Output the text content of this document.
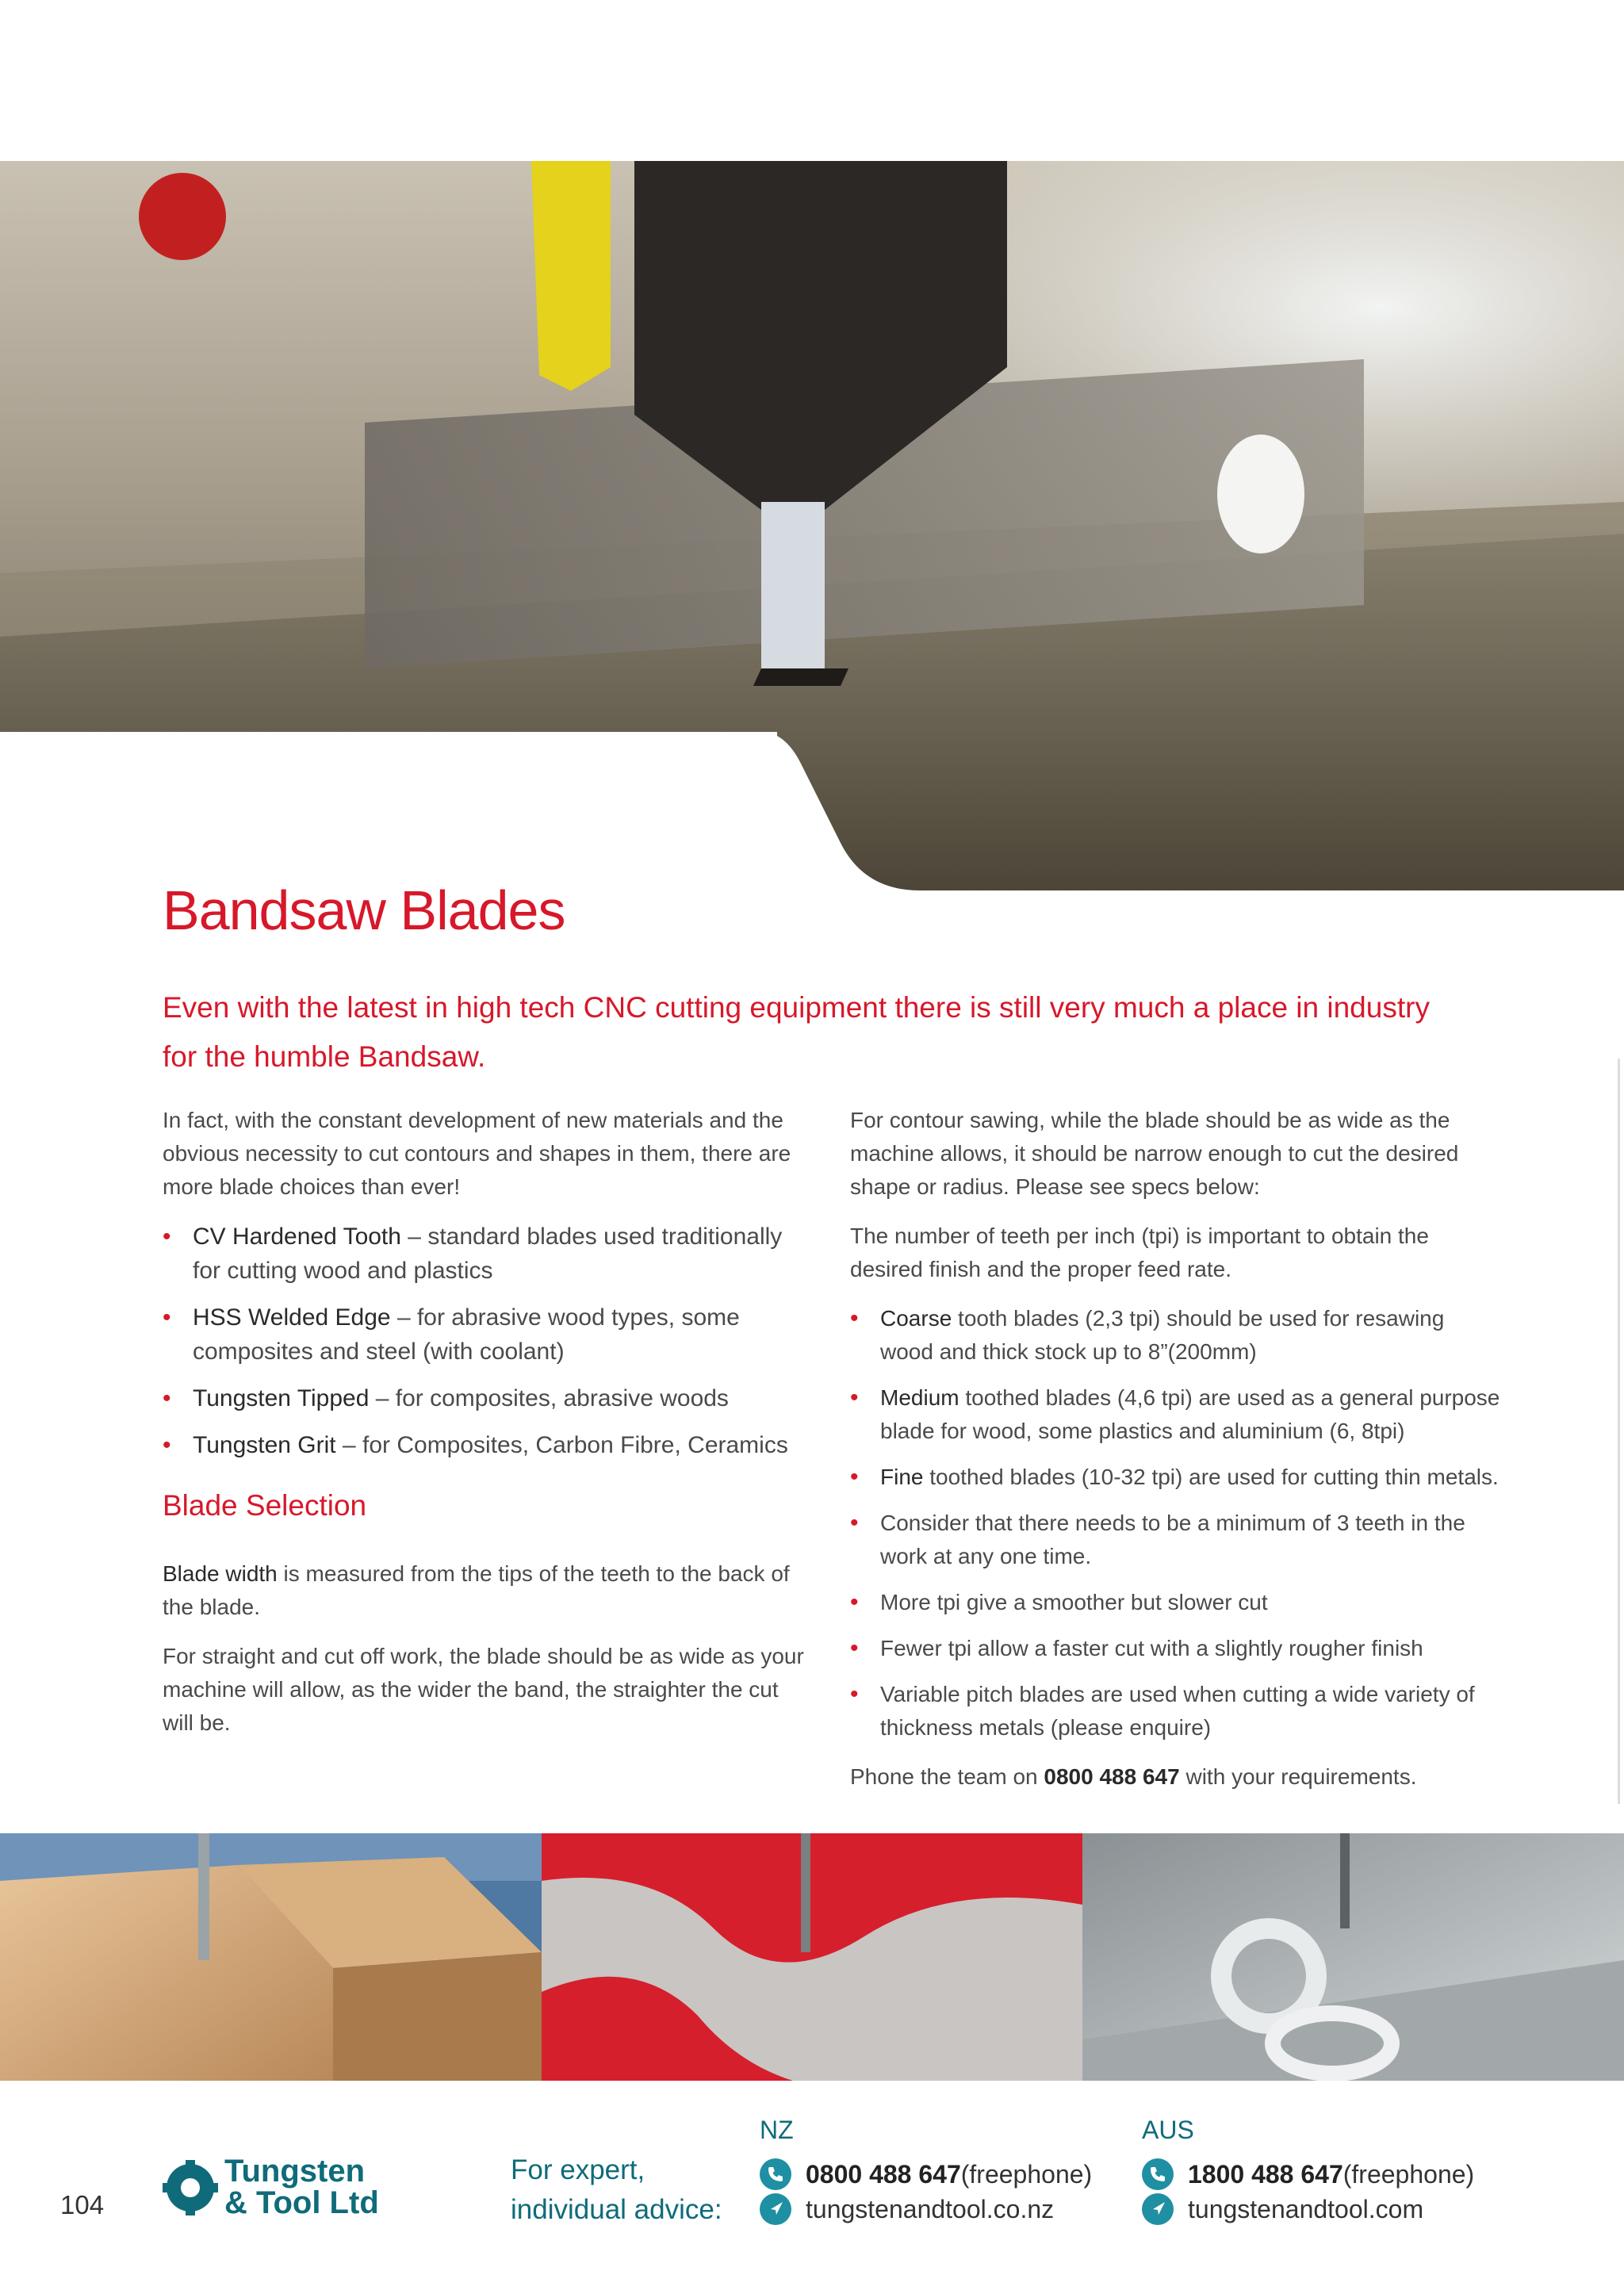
Bandsaw Blades

Even with the latest in high tech CNC cutting equipment there is still very much a place in industry for the humble Bandsaw.

In fact, with the constant development of new materials and the obvious necessity to cut contours and shapes in them, there are more blade choices than ever!

• CV Hardened Tooth – standard blades used traditionally for cutting wood and plastics
• HSS Welded Edge – for abrasive wood types, some composites and steel (with coolant)
• Tungsten Tipped – for composites, abrasive woods
• Tungsten Grit – for Composites, Carbon Fibre, Ceramics
Blade Selection

Blade width is measured from the tips of the teeth to the back of the blade.

For straight and cut off work, the blade should be as wide as your machine will allow, as the wider the band, the straighter the cut will be.

For contour sawing, while the blade should be as wide as the machine allows, it should be narrow enough to cut the desired shape or radius. Please see specs below:

The number of teeth per inch (tpi) is important to obtain the desired finish and the proper feed rate.

• Coarse tooth blades (2,3 tpi) should be used for resawing wood and thick stock up to 8”(200mm)
• Medium toothed blades (4,6 tpi) are used as a general purpose blade for wood, some plastics and aluminium (6, 8tpi)
• Fine toothed blades (10-32 tpi) are used for cutting thin metals.
• Consider that there needs to be a minimum of 3 teeth in the work at any one time.
• More tpi give a smoother but slower cut
• Fewer tpi allow a faster cut with a slightly rougher finish
• Variable pitch blades are used when cutting a wide variety of thickness metals (please enquire)

Phone the team on 0800 488 647 with your requirements.

104
Tungsten
& Tool Ltd
For expert,
individual advice:
NZ
0800 488 647 (freephone)
tungstenandtool.co.nz
AUS
1800 488 647 (freephone)
tungstenandtool.com
